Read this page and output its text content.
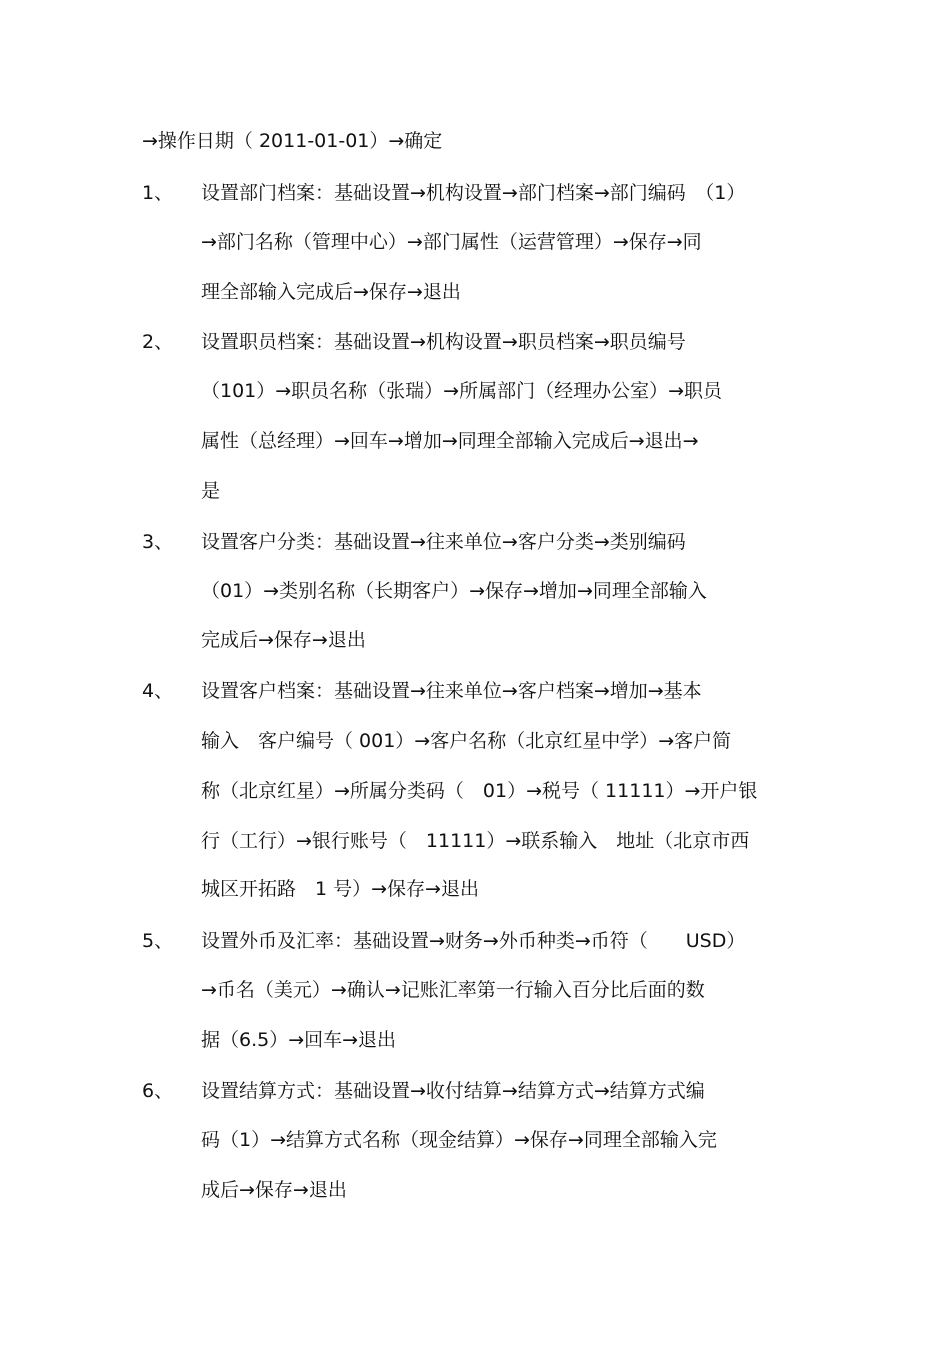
→操作日期（ 2011-01-01）→确定
1、	设置部门档案：基础设置→机构设置→部门档案→部门编码　（1）
→部门名称（管理中心）→部门属性（运营管理）→保存→同
理全部输入完成后→保存→退出
2、	设置职员档案：基础设置→机构设置→职员档案→职员编号
（101）→职员名称（张瑞）→所属部门（经理办公室）→职员
属性（总经理）→回车→增加→同理全部输入完成后→退出→
是
3、	设置客户分类：基础设置→往来单位→客户分类→类别编码
（01）→类别名称（长期客户）→保存→增加→同理全部输入
完成后→保存→退出
4、	设置客户档案：基础设置→往来单位→客户档案→增加→基本
输入　客户编号（ 001）→客户名称（北京红星中学）→客户简
称（北京红星）→所属分类码（　01）→税号（ 11111）→开户银
行（工行）→银行账号（　11111）→联系输入　地址（北京市西
城区开拓路　1 号）→保存→退出
5、	设置外币及汇率：基础设置→财务→外币种类→币符（　　USD）
→币名（美元）→确认→记账汇率第一行输入百分比后面的数
据（6.5）→回车→退出
6、	设置结算方式：基础设置→收付结算→结算方式→结算方式编
码（1）→结算方式名称（现金结算）→保存→同理全部输入完
成后→保存→退出
